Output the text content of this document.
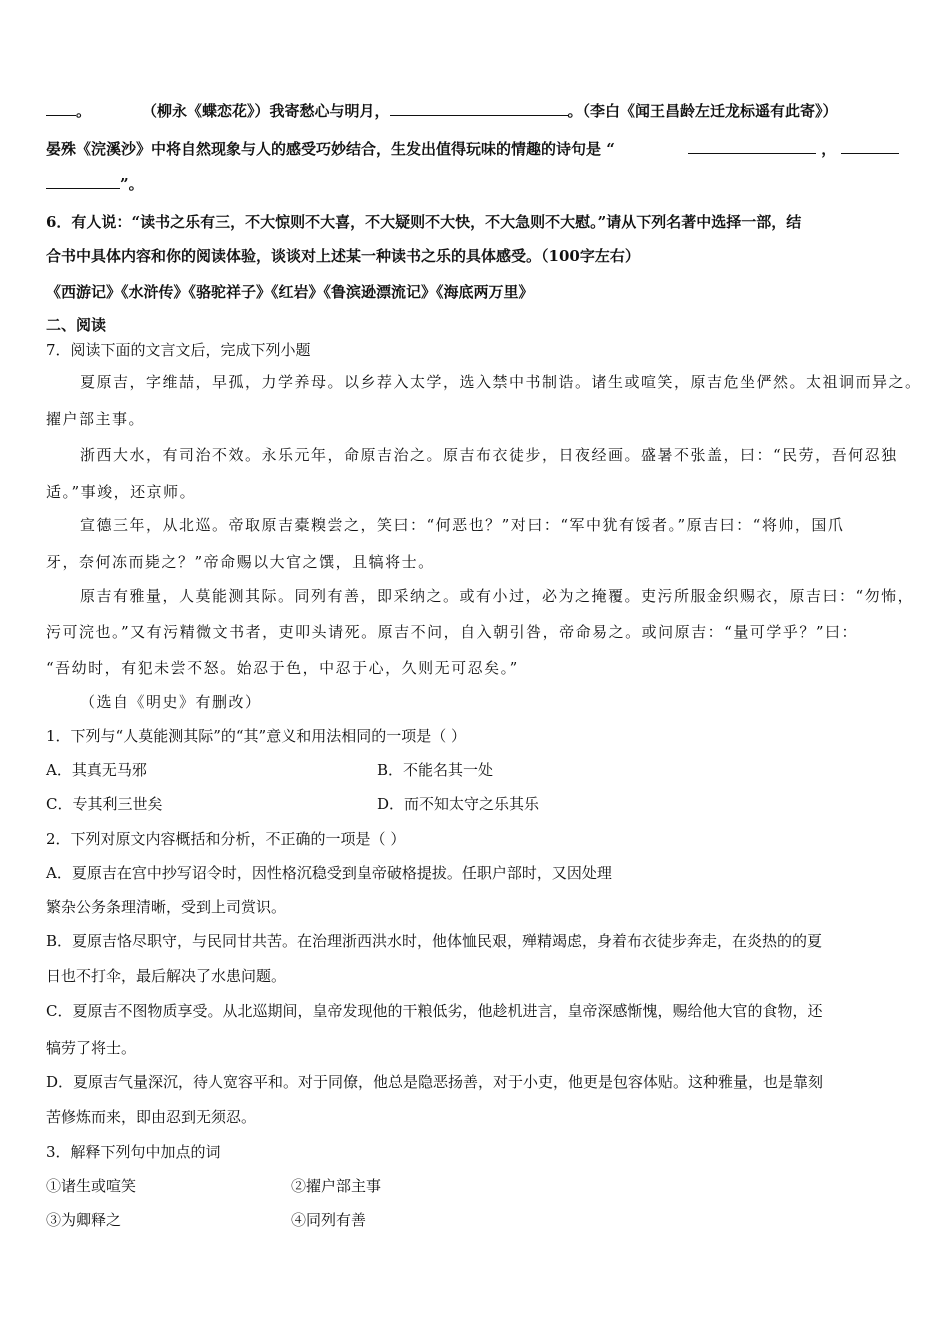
。	（柳永《蝶恋花》）我寄愁心与明月，	。（李白《闻王昌龄左迁龙标遥有此寄》）
晏殊《浣溪沙》中将自然现象与人的感受巧妙结合，生发出值得玩味的情趣的诗句是 “	，
”。
6．有人说：“读书之乐有三，不大惊则不大喜，不大疑则不大快，不大急则不大慰。”请从下列名著中选择一部，结
合书中具体内容和你的阅读体验，谈谈对上述某一种读书之乐的具体感受。（100字左右）
《西游记》《水浒传》《骆驼祥子》《红岩》《鲁滨逊漂流记》《海底两万里》
二、阅读
7．阅读下面的文言文后，完成下列小题
夏原吉，字维喆，早孤，力学养母。以乡荐入太学，选入禁中书制诰。诸生或喧笑，原吉危坐俨然。太祖诇而异之。
擢户部主事。
浙西大水，有司治不效。永乐元年，命原吉治之。原吉布衣徒步，日夜经画。盛暑不张盖，曰：“民劳，吾何忍独
适。”事竣，还京师。
宣德三年，从北巡。帝取原吉橐糗尝之，笑曰：“何恶也？”对曰：“军中犹有馁者。”原吉曰：“将帅，国爪
牙，奈何冻而毙之？”帝命赐以大官之馔，且犒将士。
原吉有雅量，人莫能测其际。同列有善，即采纳之。或有小过，必为之掩覆。吏污所服金织赐衣，原吉曰：“勿怖，
污可浣也。”又有污精微文书者，吏叩头请死。原吉不问，自入朝引咎，帝命易之。或问原吉：“量可学乎？”曰：
“吾幼时，有犯未尝不怒。始忍于色，中忍于心，久则无可忍矣。”
（选自《明史》有删改）
1．下列与“人莫能测其际”的“其”意义和用法相同的一项是（ ）
A．其真无马邪	B．不能名其一处
C．专其利三世矣	D．而不知太守之乐其乐
2．下列对原文内容概括和分析，不正确的一项是（ ）
A．夏原吉在宫中抄写诏令时，因性格沉稳受到皇帝破格提拔。任职户部时，又因处理
繁杂公务条理清晰，受到上司赏识。
B．夏原吉恪尽职守，与民同甘共苦。在治理浙西洪水时，他体恤民艰，殚精竭虑，身着布衣徒步奔走，在炎热的的夏
日也不打伞，最后解决了水患问题。
C．夏原吉不图物质享受。从北巡期间，皇帝发现他的干粮低劣，他趁机进言，皇帝深感惭愧，赐给他大官的食物，还
犒劳了将士。
D．夏原吉气量深沉，待人宽容平和。对于同僚，他总是隐恶扬善，对于小吏，他更是包容体贴。这种雅量，也是靠刻
苦修炼而来，即由忍到无须忍。
3．解释下列句中加点的词
①诸生或喧笑	②擢户部主事
③为卿释之	④同列有善
